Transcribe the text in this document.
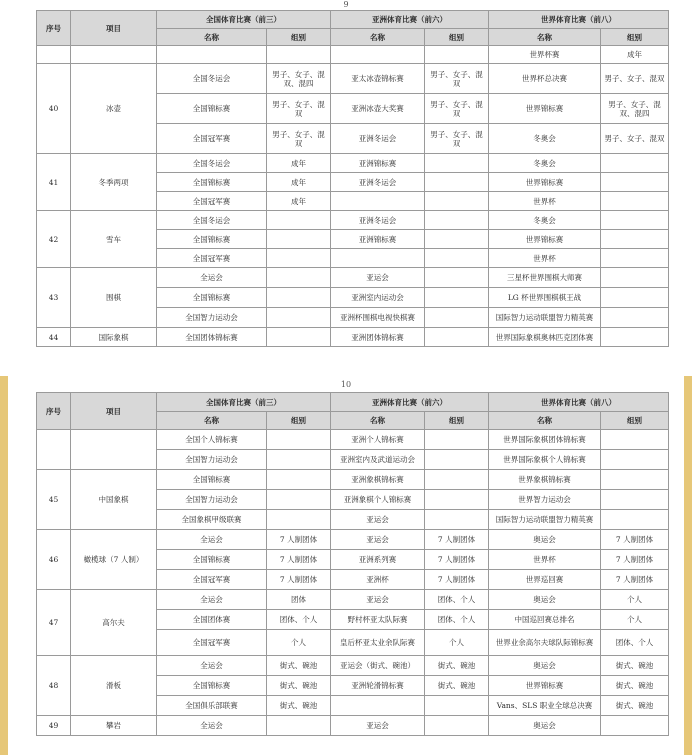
9
序号	项目	全国体育比赛（前三）		亚洲体育比赛（前六）		世界体育比赛（前八）	
		名称	组别	名称	组别	名称	组别
						世界杯赛	成年
40	冰壶	全国冬运会	男子、女子、混双、混四	亚太冰壶锦标赛	男子、女子、混双	世界杯总决赛	男子、女子、混双
		全国锦标赛	男子、女子、混双	亚洲冰壶大奖赛	男子、女子、混双	世界锦标赛	男子、女子、混双、混四
		全国冠军赛	男子、女子、混双	亚洲冬运会	男子、女子、混双	冬奥会	男子、女子、混双
41	冬季两项	全国冬运会	成年	亚洲锦标赛		冬奥会	
		全国锦标赛	成年	亚洲冬运会		世界锦标赛	
		全国冠军赛	成年			世界杯	
42	雪车	全国冬运会		亚洲冬运会		冬奥会	
		全国锦标赛		亚洲锦标赛		世界锦标赛	
		全国冠军赛				世界杯	
43	围棋	全运会		亚运会		三星杯世界围棋大师赛	
		全国锦标赛		亚洲室内运动会		LG 杯世界围棋棋王战	
		全国智力运动会		亚洲杯围棋电视快棋赛		国际智力运动联盟智力精英赛	
44	国际象棋	全国团体锦标赛		亚洲团体锦标赛		世界国际象棋奥林匹克团体赛	
10
序号	项目	全国体育比赛（前三）		亚洲体育比赛（前六）		世界体育比赛（前八）	
		名称	组别	名称	组别	名称	组别
		全国个人锦标赛		亚洲个人锦标赛		世界国际象棋团体锦标赛	
		全国智力运动会		亚洲室内及武道运动会		世界国际象棋个人锦标赛	
45	中国象棋	全国锦标赛		亚洲象棋锦标赛		世界象棋锦标赛	
		全国智力运动会		亚洲象棋个人锦标赛		世界智力运动会	
		全国象棋甲级联赛		亚运会		国际智力运动联盟智力精英赛	
46	橄榄球（7 人制）	全运会	7 人制团体	亚运会	7 人制团体	奥运会	7 人制团体
		全国锦标赛	7 人制团体	亚洲系列赛	7 人制团体	世界杯	7 人制团体
		全国冠军赛	7 人制团体	亚洲杯	7 人制团体	世界巡回赛	7 人制团体
47	高尔夫	全运会	团体	亚运会	团体、个人	奥运会	个人
		全国团体赛	团体、个人	野村杯亚太队际赛	团体、个人	中国巡回赛总排名	个人
		全国冠军赛	个人	皇后杯亚太业余队际赛	个人	世界业余高尔夫球队际锦标赛	团体、个人
48	滑板	全运会	街式、碗池	亚运会（街式、碗池）	街式、碗池	奥运会	街式、碗池
		全国锦标赛	街式、碗池	亚洲轮滑锦标赛	街式、碗池	世界锦标赛	街式、碗池
		全国俱乐部联赛	街式、碗池			Vans、SLS 职业全球总决赛	街式、碗池
49	攀岩	全运会		亚运会		奥运会	
